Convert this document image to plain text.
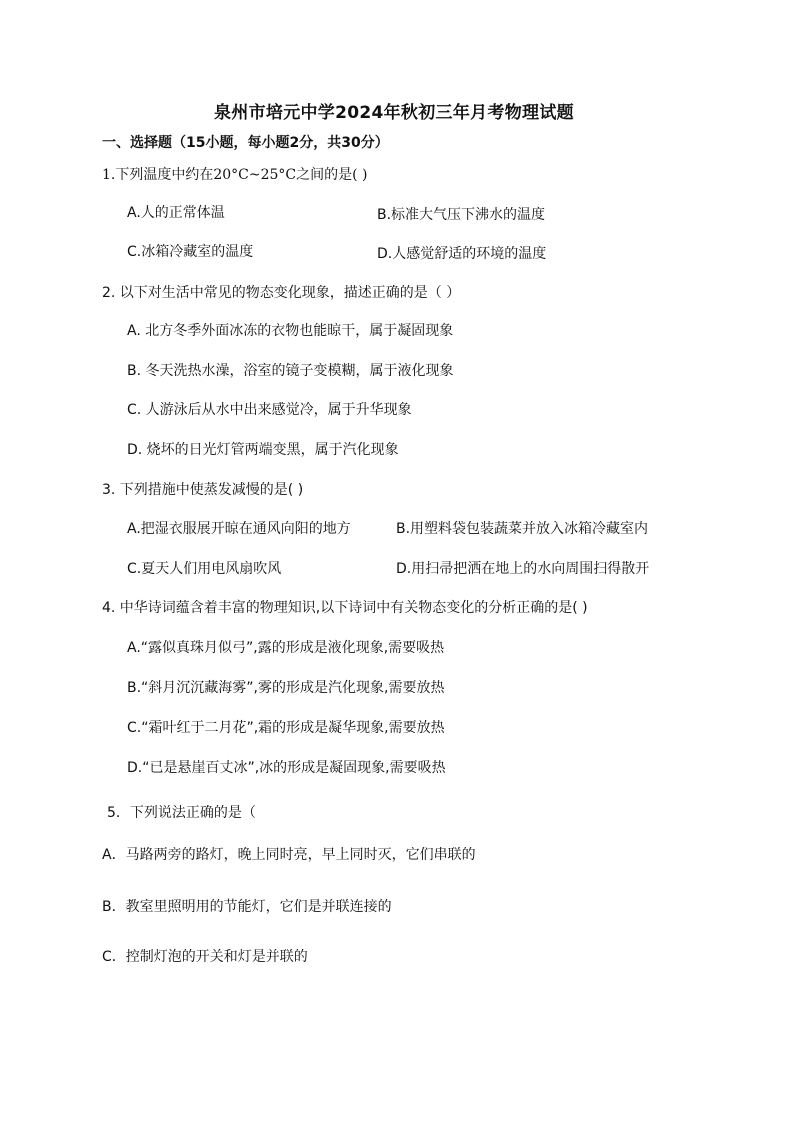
泉州市培元中学2024年秋初三年月考物理试题
一、选择题（15小题，每小题2分，共30分）
1.下列温度中约在20°C~25°C之间的是( )
A.人的正常体温	B.标准大气压下沸水的温度
C.冰箱冷藏室的温度	D.人感觉舒适的环境的温度
2. 以下对生活中常见的物态变化现象，描述正确的是（ ）
A. 北方冬季外面冰冻的衣物也能晾干，属于凝固现象
B. 冬天洗热水澡，浴室的镜子变模糊，属于液化现象
C. 人游泳后从水中出来感觉冷，属于升华现象
D. 烧坏的日光灯管两端变黑，属于汽化现象
3. 下列措施中使蒸发减慢的是( )
A.把湿衣服展开晾在通风向阳的地方	B.用塑料袋包装蔬菜并放入冰箱冷藏室内
C.夏天人们用电风扇吹风	D.用扫帚把洒在地上的水向周围扫得散开
4. 中华诗词蕴含着丰富的物理知识,以下诗词中有关物态变化的分析正确的是( )
A.“露似真珠月似弓”,露的形成是液化现象,需要吸热
B.“斜月沉沉藏海雾”,雾的形成是汽化现象,需要放热
C.“霜叶红于二月花”,霜的形成是凝华现象,需要放热
D.“已是悬崖百丈冰”,冰的形成是凝固现象,需要吸热
5．下列说法正确的是（
A．马路两旁的路灯，晚上同时亮，早上同时灭，它们串联的
B．教室里照明用的节能灯，它们是并联连接的
C．控制灯泡的开关和灯是并联的
